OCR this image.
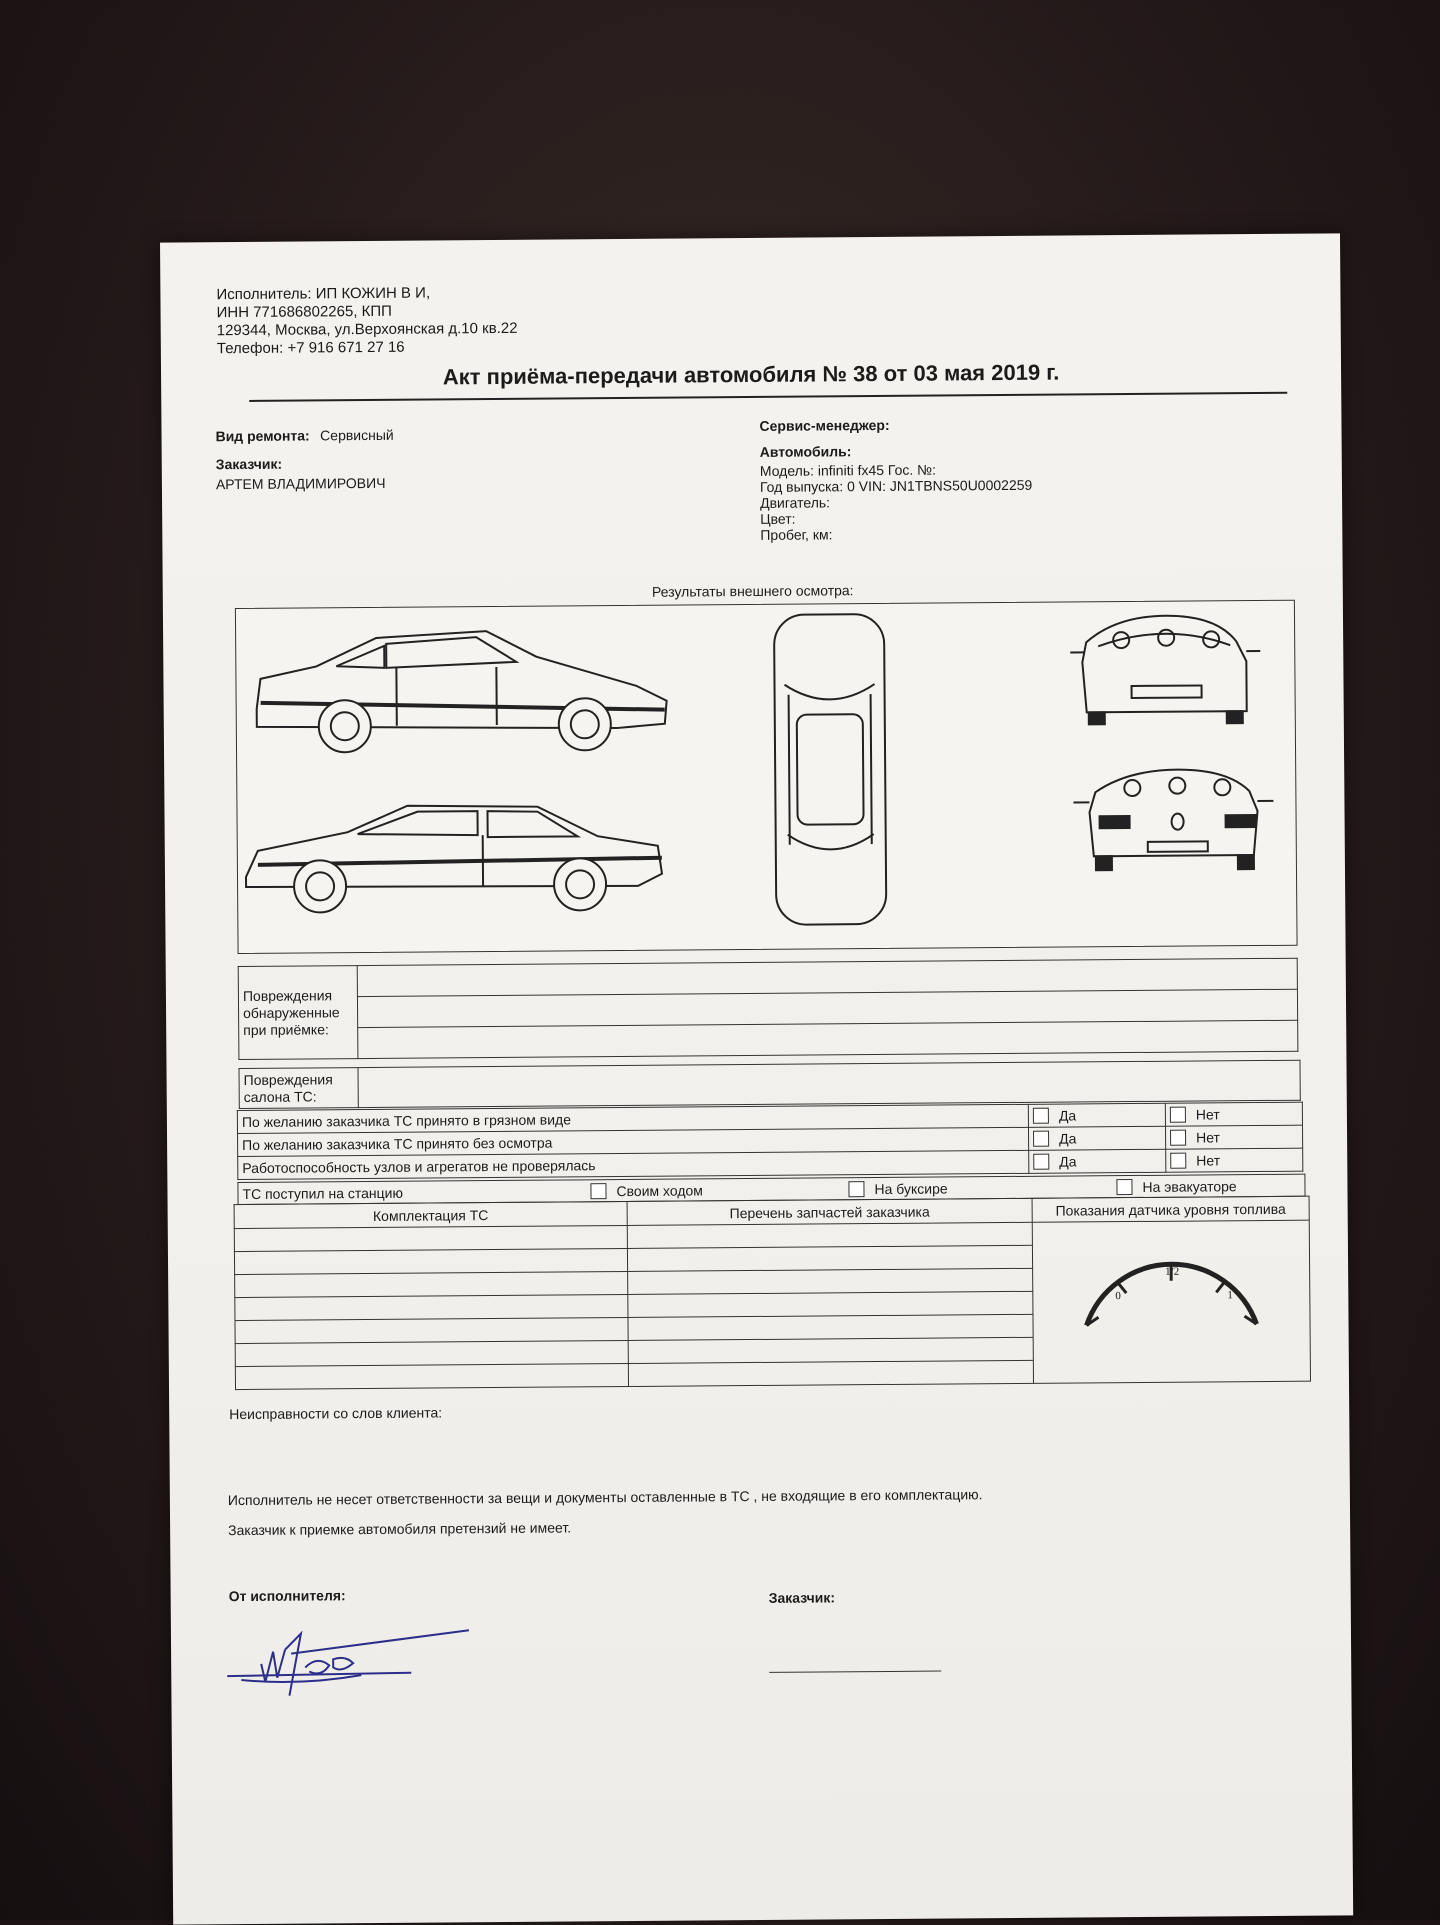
Исполнитель: ИП КОЖИН В И,
ИНН 771686802265, КПП
129344, Москва, ул.Верхоянская д.10 кв.22
Телефон: +7 916 671 27 16
Акт приёма-передачи автомобиля № 38 от 03 мая 2019 г.
Вид ремонта: Сервисный
Заказчик:
АРТЕМ ВЛАДИМИРОВИЧ
Сервис-менеджер:
Автомобиль:
Модель: infiniti fx45 Гос. №:
Год выпуска: 0 VIN: JN1TBNS50U0002259
Двигатель:
Цвет:
Пробег, км:
Результаты внешнего осмотра:
Повреждения обнаруженные при приёмке:	

Повреждения салона ТС:	
По желанию заказчика ТС принято в грязном виде	Да	Нет

По желанию заказчика ТС принято без осмотра	Да	Нет

Работоспособность узлов и агрегатов не проверялась	Да	Нет
ТС поступил на станцию	Своим ходом	На буксире	На эвакуаторе
Комплектация ТС	Перечень запчастей заказчика	Показания датчика уровня топлива

		0
1/2
1

Неисправности со слов клиента:
Исполнитель не несет ответственности за вещи и документы оставленные в ТС , не входящие в его комплектацию.
Заказчик к приемке автомобиля претензий не имеет.
От исполнителя:	Заказчик:
